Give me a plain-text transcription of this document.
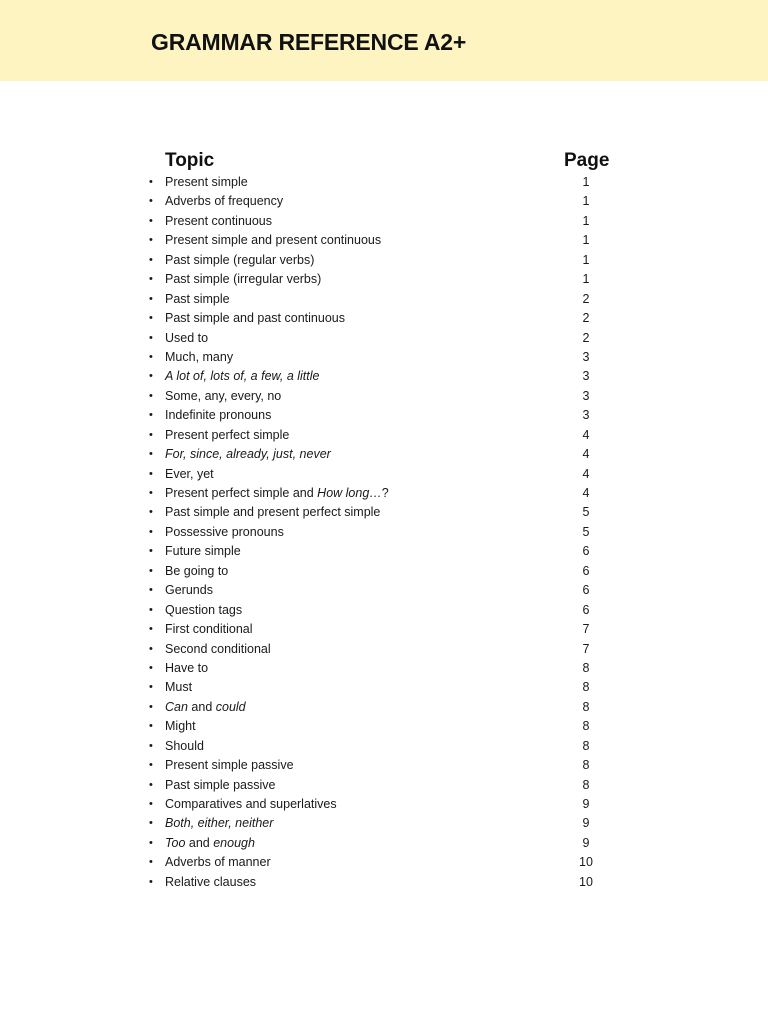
GRAMMAR REFERENCE A2+
Topic	Page
• Present simple	1
• Adverbs of frequency	1
• Present continuous	1
• Present simple and present continuous	1
• Past simple (regular verbs)	1
• Past simple (irregular verbs)	1
• Past simple	2
• Past simple and past continuous	2
• Used to	2
• Much, many	3
• A lot of, lots of, a few, a little	3
• Some, any, every, no	3
• Indefinite pronouns	3
• Present perfect simple	4
• For, since, already, just, never	4
• Ever, yet	4
• Present perfect simple and How long…?	4
• Past simple and present perfect simple	5
• Possessive pronouns	5
• Future simple	6
• Be going to	6
• Gerunds	6
• Question tags	6
• First conditional	7
• Second conditional	7
• Have to	8
• Must	8
• Can and could	8
• Might	8
• Should	8
• Present simple passive	8
• Past simple passive	8
• Comparatives and superlatives	9
• Both, either, neither	9
• Too and enough	9
• Adverbs of manner	10
• Relative clauses	10
